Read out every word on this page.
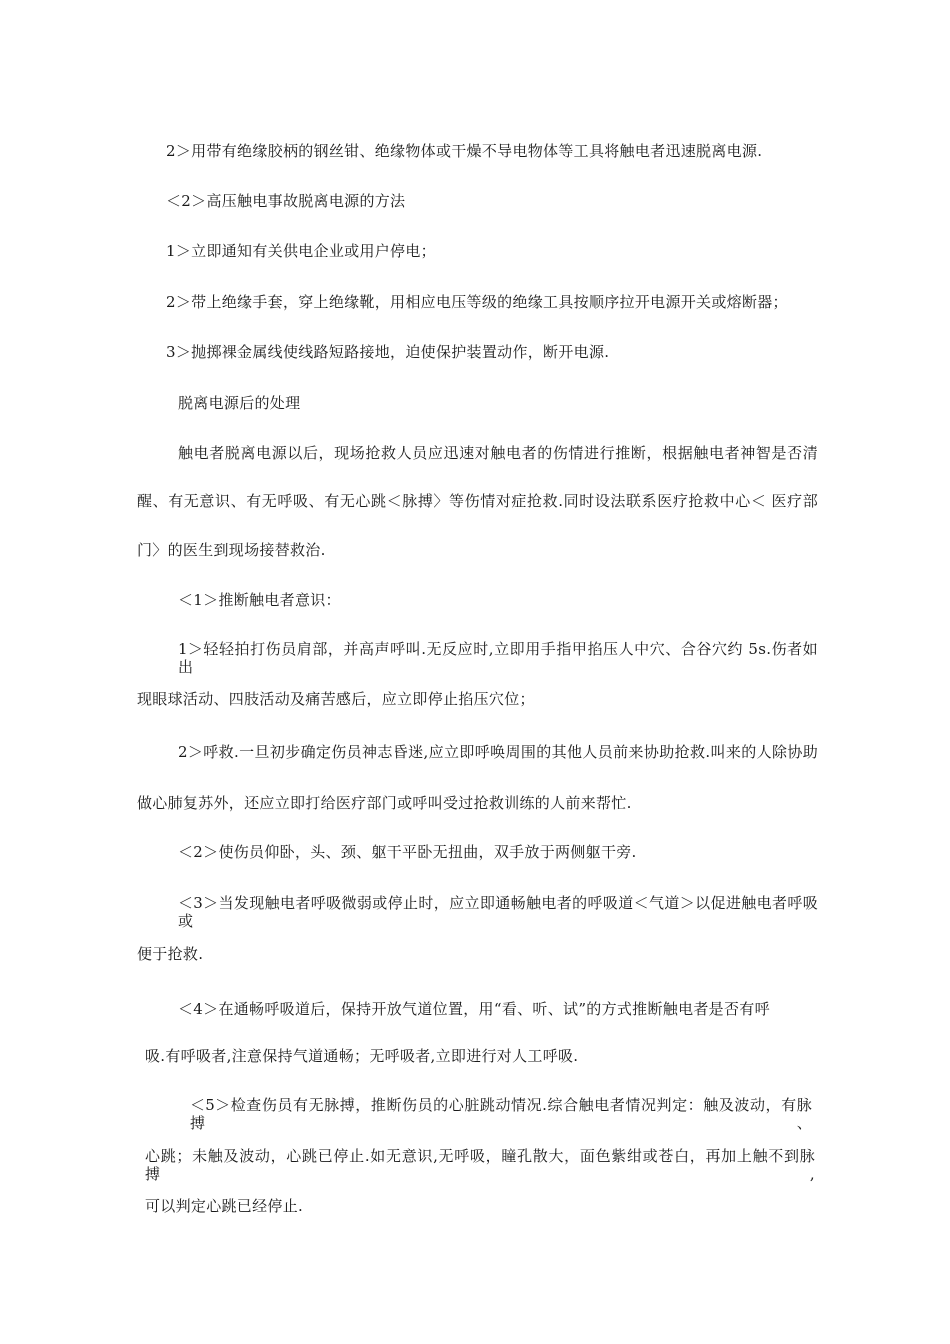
2＞用带有绝缘胶柄的钢丝钳、绝缘物体或干燥不导电物体等工具将触电者迅速脱离电源.
＜2＞高压触电事故脱离电源的方法
1＞立即通知有关供电企业或用户停电；
2＞带上绝缘手套，穿上绝缘靴，用相应电压等级的绝缘工具按顺序拉开电源开关或熔断器；
3＞抛掷裸金属线使线路短路接地，迫使保护装置动作，断开电源.
脱离电源后的处理
触电者脱离电源以后，现场抢救人员应迅速对触电者的伤情进行推断，根据触电者神智是否清
醒、有无意识、有无呼吸、有无心跳＜脉搏〉等伤情对症抢救.同时设法联系医疗抢救中心＜ 医疗部
门〉的医生到现场接替救治.
＜1＞推断触电者意识：
1＞轻轻拍打伤员肩部，并高声呼叫.无反应时,立即用手指甲掐压人中穴、合谷穴约 5s.伤者如出
现眼球活动、四肢活动及痛苦感后，应立即停止掐压穴位；
2＞呼救.一旦初步确定伤员神志昏迷,应立即呼唤周围的其他人员前来协助抢救.叫来的人除协助
做心肺复苏外，还应立即打给医疗部门或呼叫受过抢救训练的人前来帮忙.
＜2＞使伤员仰卧，头、颈、躯干平卧无扭曲，双手放于两侧躯干旁.
＜3＞当发现触电者呼吸微弱或停止时，应立即通畅触电者的呼吸道＜气道＞以促进触电者呼吸或
便于抢救.
＜4＞在通畅呼吸道后，保持开放气道位置，用“看、听、试”的方式推断触电者是否有呼
吸.有呼吸者,注意保持气道通畅；无呼吸者,立即进行对人工呼吸.
＜5＞检查伤员有无脉搏，推断伤员的心脏跳动情况.综合触电者情况判定：触及波动，有脉搏、
心跳；未触及波动，心跳已停止.如无意识,无呼吸，瞳孔散大，面色紫绀或苍白，再加上触不到脉搏,
可以判定心跳已经停止.
